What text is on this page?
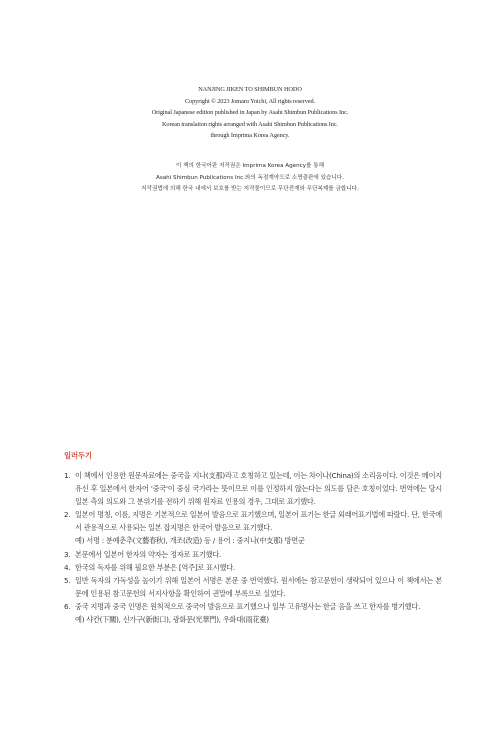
NANJING JIKEN TO SHIMBUN HODO
Copyright © 2023 Jomaru Yoichi, All rights reserved.
Original Japanese edition published in Japan by Asahi Shimbun Publications Inc.
Korean translation rights arranged with Asahi Shimbun Publications Inc.
through Imprima Korea Agency.
이 책의 한국어판 저작권은 Imprima Korea Agency를 통해
Asahi Shimbun Publications Inc.와의 독점계약으로 소명출판에 있습니다.
저작권법에 의해 한국 내에서 보호를 받는 저작물이므로 무단전재와 무단복제를 금합니다.
일러두기
1. 이 책에서 인용한 원문자료에는 중국을 지나(支那)라고 호칭하고 있는데, 이는 차이나(China)의 소리음이다. 이것은 메이지유신 후 일본에서 한자어 '중국'이 중심 국가라는 뜻이므로 이를 인정하지 않는다는 의도를 담은 호칭이었다. 번역에는 당시 일본 측의 의도와 그 분위기를 전하기 위해 원자료 인용의 경우, 그대로 표기했다.
2. 일본어 명칭, 이름, 지명은 기본적으로 일본어 발음으로 표기했으며, 일본어 표기는 한글 외래어표기법에 따랐다. 단, 한국에서 관용적으로 사용되는 일본 잡지명은 한국어 발음으로 표기했다.
예) 서명 : 분예춘추(文藝春秋), 개조(改造) 등 / 용어 : 중지나(中支那) 방면군
3. 본문에서 일본어 한자의 약자는 정자로 표기했다.
4. 한국의 독자를 위해 필요한 부분은 [역주]로 표시했다.
5. 일반 독자의 가독성을 높이기 위해 일본어 서명은 본문 중 번역했다. 원서에는 참고문헌이 생략되어 있으나 이 책에서는 본문에 인용된 참고문헌의 서지사항을 확인하여 권말에 부록으로 실었다.
6. 중국 지명과 중국 인명은 원칙적으로 중국어 발음으로 표기했으나 일부 고유명사는 한글 음을 쓰고 한자를 병기했다.
예) 샤칸(下關), 신가구(新街口), 광화문(光華門), 우화대(雨花臺)
